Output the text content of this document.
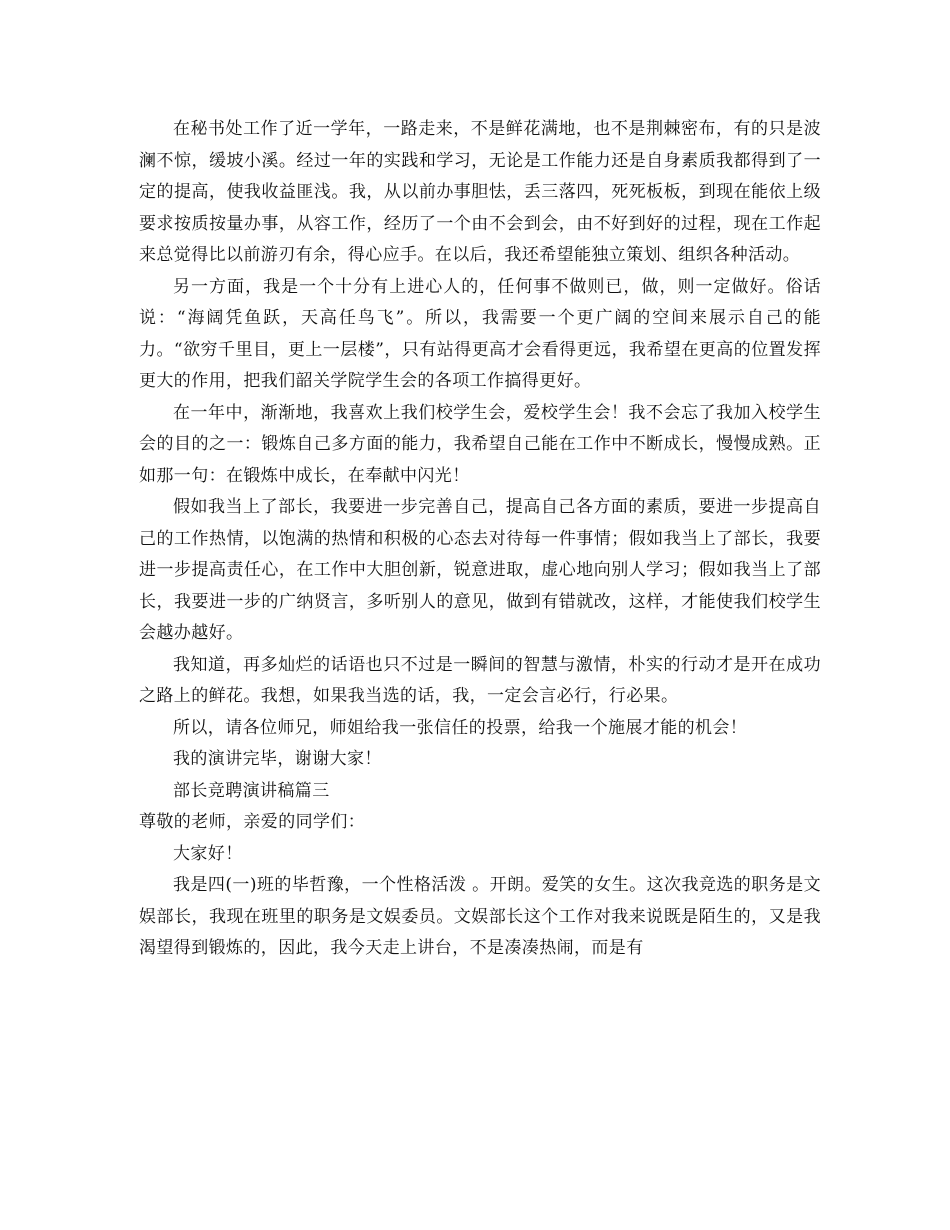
在秘书处工作了近一学年，一路走来，不是鲜花满地，也不是荆棘密布，有的只是波澜不惊，缓坡小溪。经过一年的实践和学习，无论是工作能力还是自身素质我都得到了一定的提高，使我收益匪浅。我，从以前办事胆怯，丢三落四，死死板板，到现在能依上级要求按质按量办事，从容工作，经历了一个由不会到会，由不好到好的过程，现在工作起来总觉得比以前游刃有余，得心应手。在以后，我还希望能独立策划、组织各种活动。

另一方面，我是一个十分有上进心人的，任何事不做则已，做，则一定做好。俗话说：“海阔凭鱼跃，天高任鸟飞”。所以，我需要一个更广阔的空间来展示自己的能力。“欲穷千里目，更上一层楼”，只有站得更高才会看得更远，我希望在更高的位置发挥更大的作用，把我们韶关学院学生会的各项工作搞得更好。

在一年中，渐渐地，我喜欢上我们校学生会，爱校学生会！我不会忘了我加入校学生会的目的之一：锻炼自己多方面的能力，我希望自己能在工作中不断成长，慢慢成熟。正如那一句：在锻炼中成长，在奉献中闪光！

假如我当上了部长，我要进一步完善自己，提高自己各方面的素质，要进一步提高自己的工作热情，以饱满的热情和积极的心态去对待每一件事情；假如我当上了部长，我要进一步提高责任心，在工作中大胆创新，锐意进取，虚心地向别人学习；假如我当上了部长，我要进一步的广纳贤言，多听别人的意见，做到有错就改，这样，才能使我们校学生会越办越好。

我知道，再多灿烂的话语也只不过是一瞬间的智慧与激情，朴实的行动才是开在成功之路上的鲜花。我想，如果我当选的话，我，一定会言必行，行必果。

所以，请各位师兄，师姐给我一张信任的投票，给我一个施展才能的机会！

我的演讲完毕，谢谢大家！

部长竞聘演讲稿篇三

尊敬的老师，亲爱的同学们：

大家好！

我是四(一)班的毕哲豫，一个性格活泼 。开朗。爱笑的女生。这次我竞选的职务是文娱部长，我现在班里的职务是文娱委员。文娱部长这个工作对我来说既是陌生的，又是我渴望得到锻炼的，因此，我今天走上讲台，不是凑凑热闹，而是有
